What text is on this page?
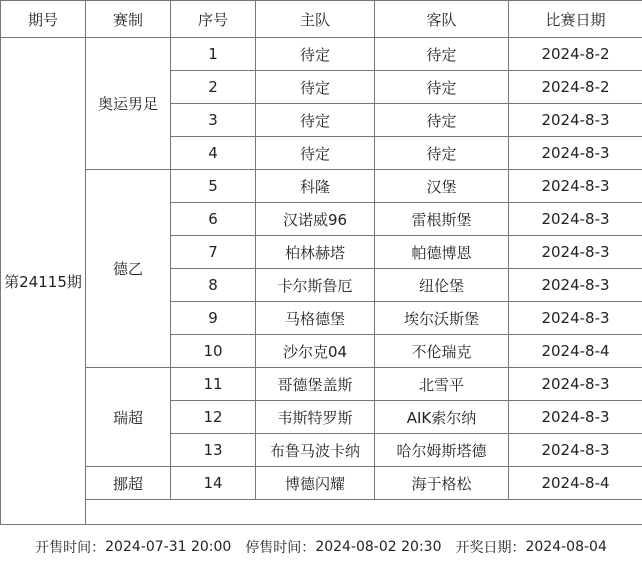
期号	赛制	序号	主队	客队	比赛日期
第24115期	奥运男足	1	待定	待定	2024-8-2
		2	待定	待定	2024-8-2
		3	待定	待定	2024-8-3
		4	待定	待定	2024-8-3
	德乙	5	科隆	汉堡	2024-8-3
		6	汉诺威96	雷根斯堡	2024-8-3
		7	柏林赫塔	帕德博恩	2024-8-3
		8	卡尔斯鲁厄	纽伦堡	2024-8-3
		9	马格德堡	埃尔沃斯堡	2024-8-3
		10	沙尔克04	不伦瑞克	2024-8-4
	瑞超	11	哥德堡盖斯	北雪平	2024-8-3
		12	韦斯特罗斯	AIK索尔纳	2024-8-3
		13	布鲁马波卡纳	哈尔姆斯塔德	2024-8-3
	挪超	14	博德闪耀	海于格松	2024-8-4

开售时间： 2024-07-31 20:00 停售时间： 2024-08-02 20:30 开奖日期： 2024-08-04
